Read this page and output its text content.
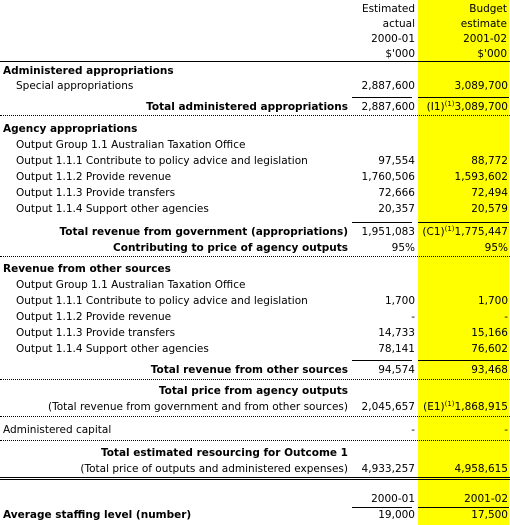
Estimated	Budget
actual	estimate
2000-01	2001-02
$'000	$'000
Administered appropriations
Special appropriations	2,887,600	3,089,700
Total administered appropriations 2,887,600 $(I1)^{(1)}3,089,700$
Agency appropriations
Output Group 1.1 Australian Taxation Office
Output 1.1.1 Contribute to policy advice and legislation	97,554	88,772
Output 1.1.2 Provide revenue	1,760,506	1,593,602
Output 1.1.3 Provide transfers	72,666	72,494
Output 1.1.4 Support other agencies	20,357	20,579
Total revenue from government (appropriations) 1,951,083 $(C1)^{(1)}1,775,447$
Contributing to price of agency outputs	95%	95%
Revenue from other sources
Output Group 1.1 Australian Taxation Office
Output 1.1.1 Contribute to policy advice and legislation	1,700	1,700
Output 1.1.2 Provide revenue	-	-
Output 1.1.3 Provide transfers	14,733	15,166
Output 1.1.4 Support other agencies	78,141	76,602
Total revenue from other sources	94,574	93,468
Total price from agency outputs
(Total revenue from government and from other sources) 2,045,657 $(E1)^{(1)}1,868,915$
Administered capital	-	-
Total estimated resourcing for Outcome 1
(Total price of outputs and administered expenses) 4,933,257	4,958,615
2000-01	2001-02
Average staffing level (number)	19,000	17,500
